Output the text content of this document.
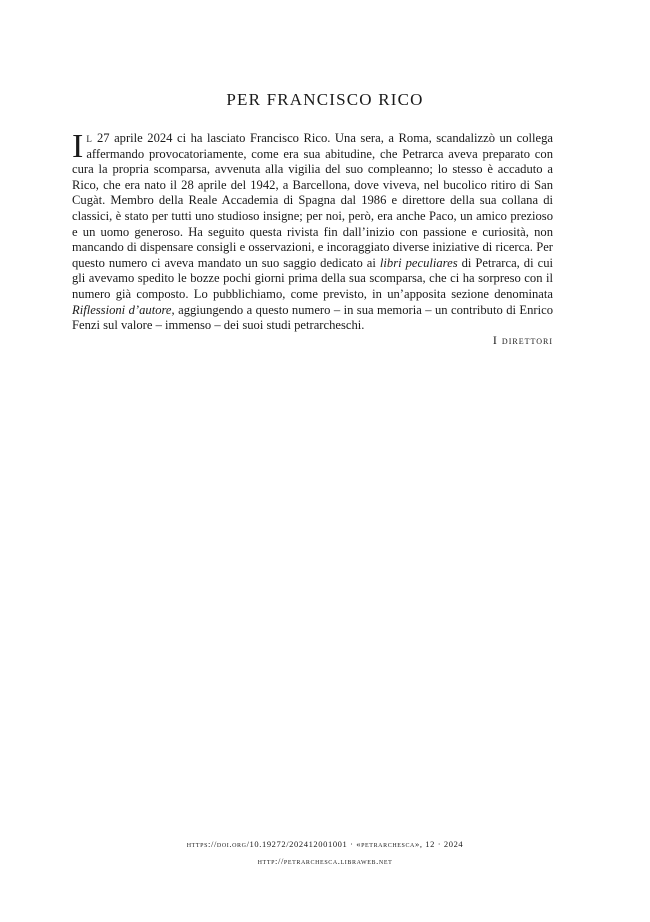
PER FRANCISCO RICO

Il 27 aprile 2024 ci ha lasciato Francisco Rico. Una sera, a Roma, scandalizzò un collega affermando provocatoriamente, come era sua abitudine, che Petrarca aveva preparato con cura la propria scomparsa, avvenuta alla vigilia del suo compleanno; lo stesso è accaduto a Rico, che era nato il 28 aprile del 1942, a Barcellona, dove viveva, nel bucolico ritiro di San Cugàt. Membro della Reale Accademia di Spagna dal 1986 e direttore della sua collana di classici, è stato per tutti uno studioso insigne; per noi, però, era anche Paco, un amico prezioso e un uomo generoso. Ha seguito questa rivista fin dall’inizio con passione e curiosità, non mancando di dispensare consigli e osservazioni, e incoraggiato diverse iniziative di ricerca. Per questo numero ci aveva mandato un suo saggio dedicato ai libri peculiares di Petrarca, di cui gli avevamo spedito le bozze pochi giorni prima della sua scomparsa, che ci ha sorpreso con il numero già composto. Lo pubblichiamo, come previsto, in un’apposita sezione denominata Riflessioni d’autore, aggiungendo a questo numero – in sua memoria – un contributo di Enrico Fenzi sul valore – immenso – dei suoi studi petrarcheschi.

I direttori

https://doi.org/10.19272/202412001001 · «petrarchesca», 12 · 2024

http://petrarchesca.libraweb.net
